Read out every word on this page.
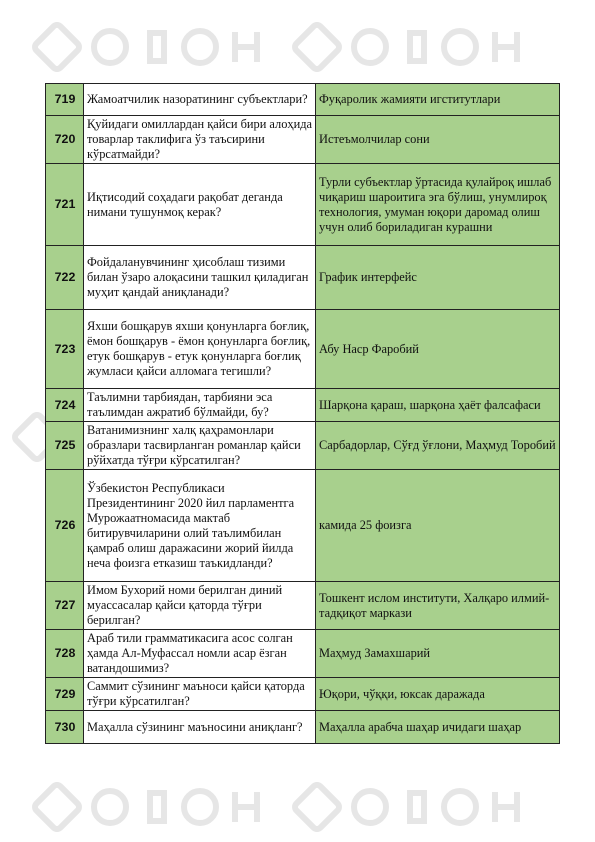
719	Жамоатчилик назоратининг субъектлари?	Фуқаролик жамияти игститутлари
720	Қуйидаги омиллардан қайси бири алоҳида товарлар таклифига ўз таъсирини кўрсатмайди?	Истеъмолчилар сони
721	Иқтисодий соҳадаги рақобат деганда нимани тушунмоқ керак?	Турли субъектлар ўртасида қулайроқ ишлаб чиқариш шароитига эга бўлиш, унумлироқ технология, умуман юқори даромад олиш учун олиб бориладиган курашни
722	Фойдаланувчининг ҳисоблаш тизими билан ўзаро алоқасини ташкил қиладиган муҳит қандай аниқланади?	График интерфейс
723	Яхши бошқарув яхши қонунларга боғлиқ, ёмон бошқарув - ёмон қонунларга боғлиқ, етук бошқарув - етук қонунларга боғлиқ жумласи қайси алломага тегишли?	Абу Наср Фаробий
724	Таълимни тарбиядан, тарбияни эса таълимдан ажратиб бўлмайди, бу?	Шарқона қараш, шарқона ҳаёт фалсафаси
725	Ватанимизнинг халқ қаҳрамонлари образлари тасвирланган романлар қайси рўйхатда тўғри кўрсатилган?	Сарбадорлар, Сўғд ўғлони, Маҳмуд Торобий
726	Ўзбекистон Республикаси Президентининг 2020 йил парламентга Мурожаатномасида мактаб битирувчиларини олий таълимбилан қамраб олиш даражасини жорий йилда неча фоизга етказиш таъкидланди?	камида 25 фоизга
727	Имом Бухорий номи берилган диний муассасалар қайси қаторда тўғри берилган?	Тошкент ислом институти, Халқаро илмий-тадқиқот маркази
728	Араб тили грамматикасига асос солган ҳамда Ал-Муфассал номли асар ёзган ватандошимиз?	Маҳмуд Замахшарий
729	Саммит сўзининг маъноси қайси қаторда тўғри кўрсатилган?	Юқори, чўққи, юксак даражада
730	Маҳалла сўзининг маъносини аниқланг?	Маҳалла арабча шаҳар ичидаги шаҳар
